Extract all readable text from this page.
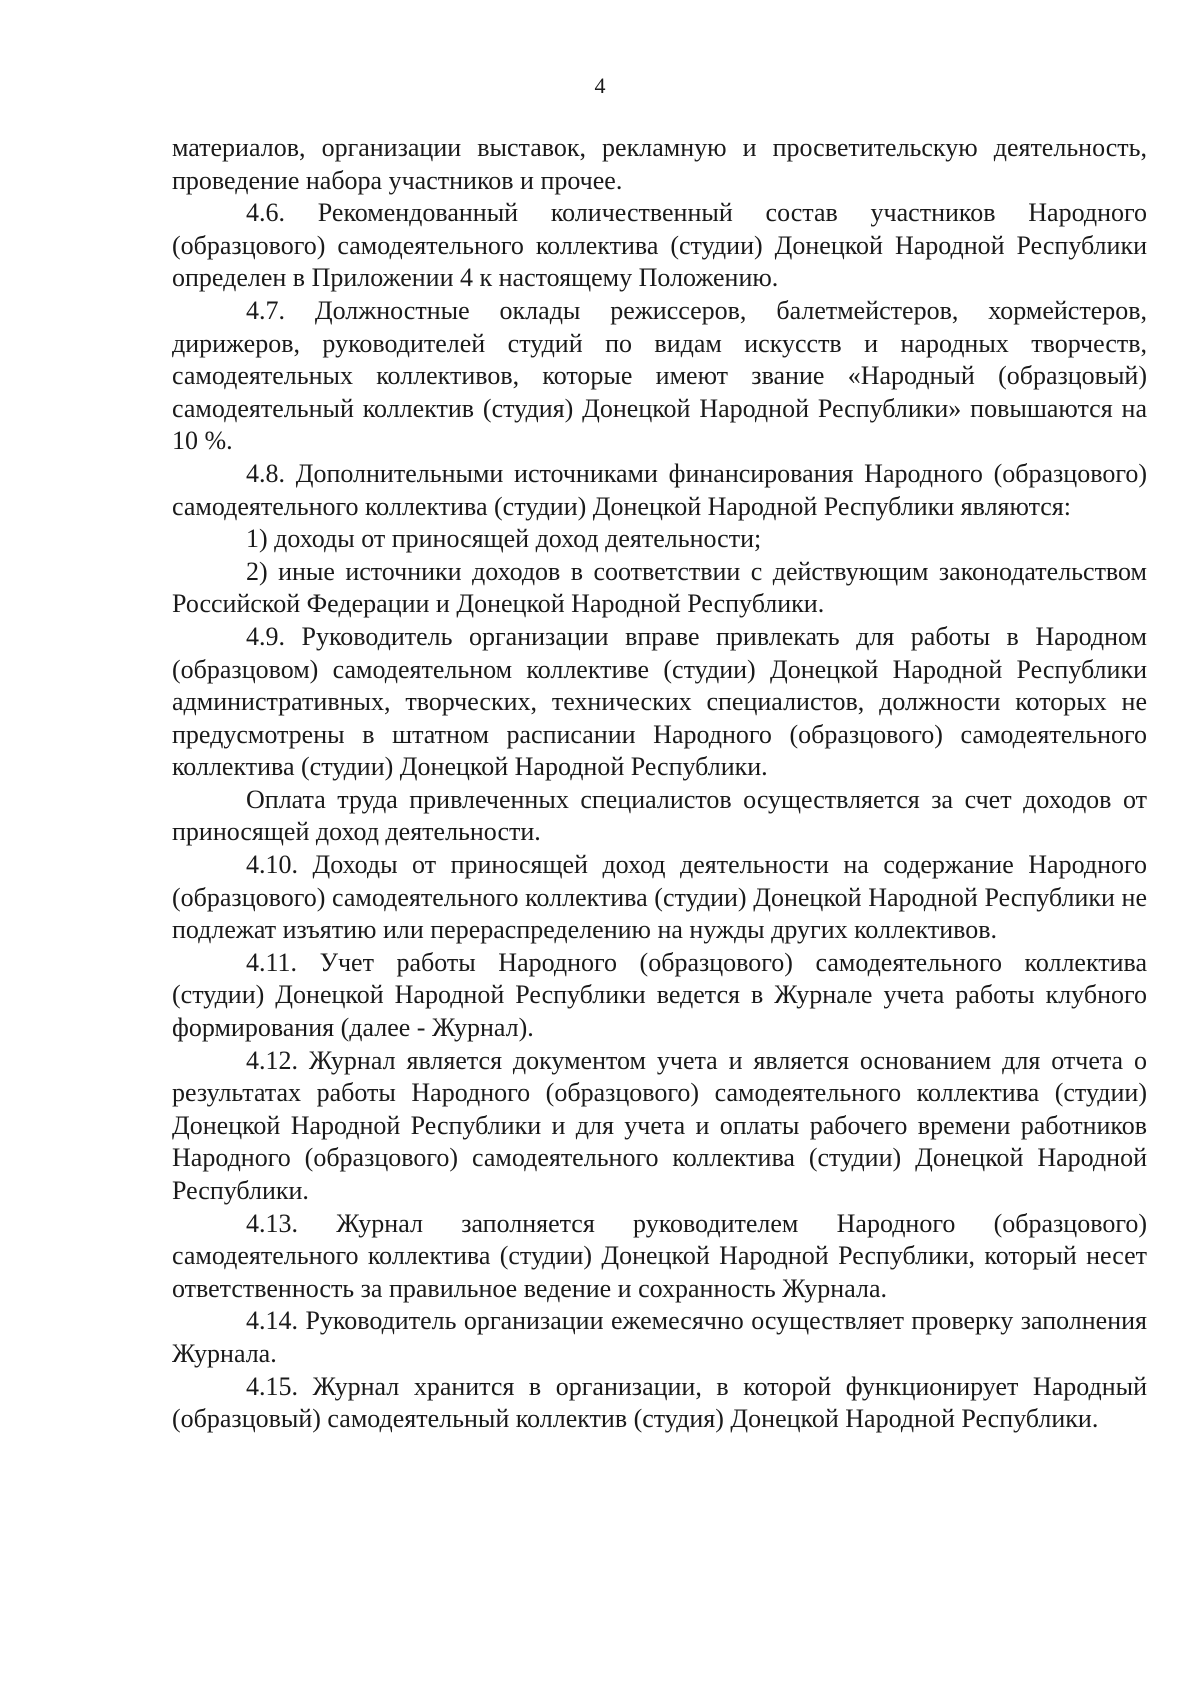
4

материалов, организации выставок, рекламную и просветительскую деятельность, проведение набора участников и прочее.

4.6. Рекомендованный количественный состав участников Народного (образцового) самодеятельного коллектива (студии) Донецкой Народной Республики определен в Приложении 4 к настоящему Положению.

4.7. Должностные оклады режиссеров, балетмейстеров, хормейстеров, дирижеров, руководителей студий по видам искусств и народных творчеств, самодеятельных коллективов, которые имеют звание «Народный (образцовый) самодеятельный коллектив (студия) Донецкой Народной Республики» повышаются на 10 %.

4.8. Дополнительными источниками финансирования Народного (образцового) самодеятельного коллектива (студии) Донецкой Народной Республики являются:

1) доходы от приносящей доход деятельности;

2) иные источники доходов в соответствии с действующим законодательством Российской Федерации и Донецкой Народной Республики.

4.9. Руководитель организации вправе привлекать для работы в Народном (образцовом) самодеятельном коллективе (студии) Донецкой Народной Республики административных, творческих, технических специалистов, должности которых не предусмотрены в штатном расписании Народного (образцового) самодеятельного коллектива (студии) Донецкой Народной Республики.

Оплата труда привлеченных специалистов осуществляется за счет доходов от приносящей доход деятельности.

4.10. Доходы от приносящей доход деятельности на содержание Народного (образцового) самодеятельного коллектива (студии) Донецкой Народной Республики не подлежат изъятию или перераспределению на нужды других коллективов.

4.11. Учет работы Народного (образцового) самодеятельного коллектива (студии) Донецкой Народной Республики ведется в Журнале учета работы клубного формирования (далее - Журнал).

4.12. Журнал является документом учета и является основанием для отчета о результатах работы Народного (образцового) самодеятельного коллектива (студии) Донецкой Народной Республики и для учета и оплаты рабочего времени работников Народного (образцового) самодеятельного коллектива (студии) Донецкой Народной Республики.

4.13. Журнал заполняется руководителем Народного (образцового) самодеятельного коллектива (студии) Донецкой Народной Республики, который несет ответственность за правильное ведение и сохранность Журнала.

4.14. Руководитель организации ежемесячно осуществляет проверку заполнения Журнала.

4.15. Журнал хранится в организации, в которой функционирует Народный (образцовый) самодеятельный коллектив (студия) Донецкой Народной Республики.
